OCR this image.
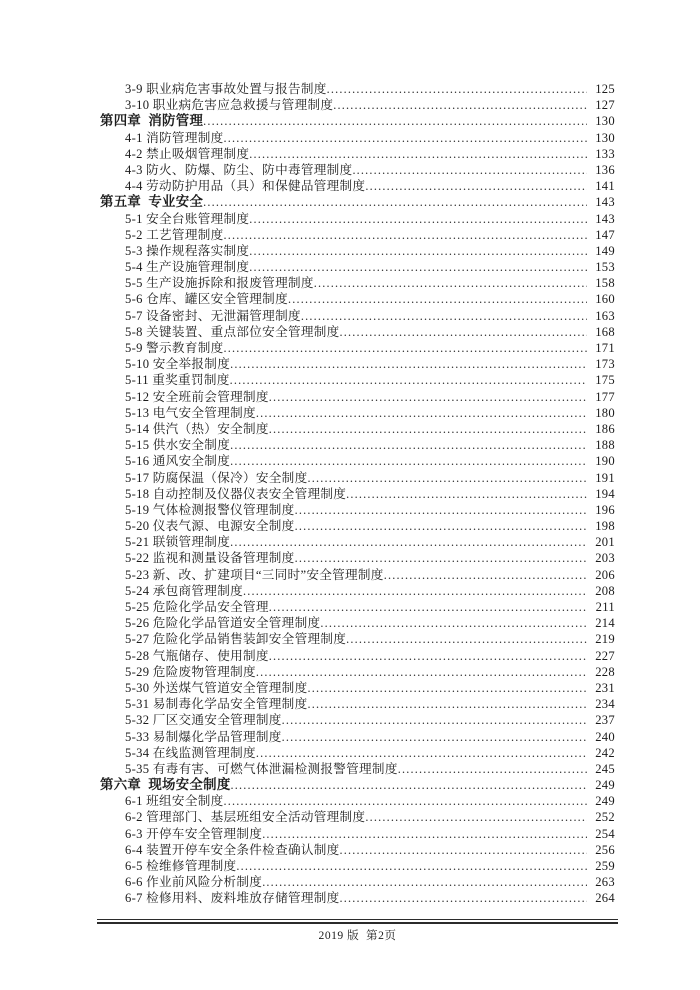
3-9 职业病危害事故处置与报告制度 .....	125
3-10 职业病危害应急救援与管理制度 .....	127
第四章  消防管理 .....	130
4-1 消防管理制度 .....	130
4-2 禁止吸烟管理制度 .....	133
4-3 防火、防爆、防尘、防中毒管理制度 .....	136
4-4 劳动防护用品（具）和保健品管理制度 .....	141
第五章  专业安全 .....	143
5-1 安全台账管理制度 .....	143
5-2 工艺管理制度 .....	147
5-3 操作规程落实制度 .....	149
5-4 生产设施管理制度 .....	153
5-5 生产设施拆除和报废管理制度 .....	158
5-6 仓库、罐区安全管理制度 .....	160
5-7 设备密封、无泄漏管理制度 .....	163
5-8 关键装置、重点部位安全管理制度 .....	168
5-9 警示教育制度 .....	171
5-10 安全举报制度 .....	173
5-11 重奖重罚制度 .....	175
5-12 安全班前会管理制度 .....	177
5-13 电气安全管理制度 .....	180
5-14 供汽（热）安全制度 .....	186
5-15 供水安全制度 .....	188
5-16 通风安全制度 .....	190
5-17 防腐保温（保冷）安全制度 .....	191
5-18 自动控制及仪器仪表安全管理制度 .....	194
5-19 气体检测报警仪管理制度 .....	196
5-20 仪表气源、电源安全制度 .....	198
5-21 联锁管理制度 .....	201
5-22 监视和测量设备管理制度 .....	203
5-23 新、改、扩建项目“三同时”安全管理制度 .....	206
5-24 承包商管理制度 .....	208
5-25 危险化学品安全管理 .....	211
5-26 危险化学品管道安全管理制度 .....	214
5-27 危险化学品销售装卸安全管理制度 .....	219
5-28 气瓶储存、使用制度 .....	227
5-29 危险废物管理制度 .....	228
5-30 外送煤气管道安全管理制度 .....	231
5-31 易制毒化学品安全管理制度 .....	234
5-32 厂区交通安全管理制度 .....	237
5-33 易制爆化学品管理制度 .....	240
5-34 在线监测管理制度 .....	242
5-35 有毒有害、可燃气体泄漏检测报警管理制度 .....	245
第六章  现场安全制度 .....	249
6-1 班组安全制度 .....	249
6-2 管理部门、基层班组安全活动管理制度 .....	252
6-3 开停车安全管理制度 .....	254
6-4 装置开停车安全条件检查确认制度 .....	256
6-5 检维修管理制度 .....	259
6-6 作业前风险分析制度 .....	263
6-7 检修用料、废料堆放存储管理制度 .....	264
2019 版  第2页
